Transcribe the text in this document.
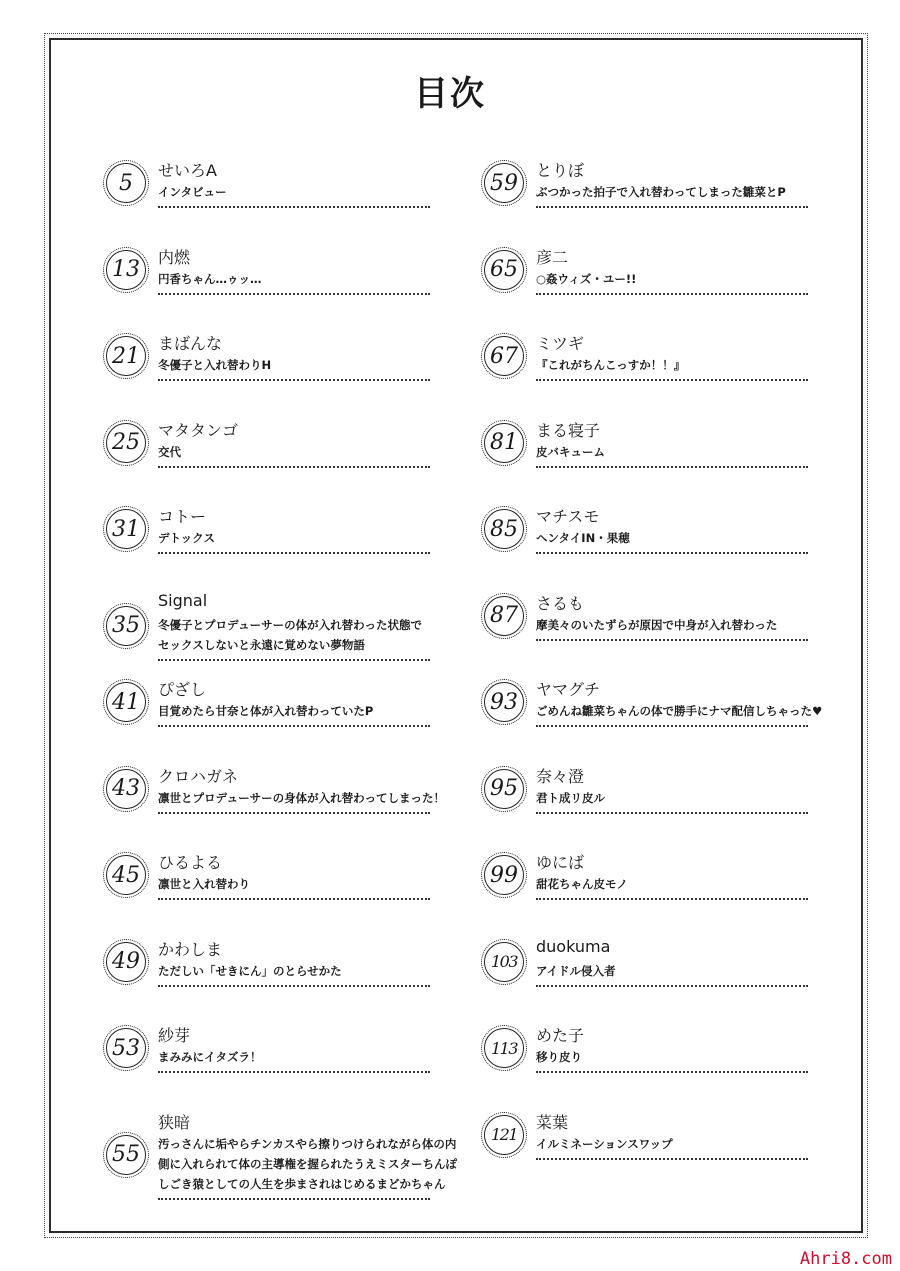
目次
5	せいろA
インタビュー
13	内燃
円香ちゃん…ゥッ…
21	まばんな
冬優子と入れ替わりH
25	マタタンゴ
交代
31	コトー
デトックス
35
Signal
冬優子とプロデューサーの体が入れ替わった状態で
セックスしないと永遠に覚めない夢物語
41	ぴざし
目覚めたら甘奈と体が入れ替わっていたP
43	クロハガネ
凛世とプロデューサーの身体が入れ替わってしまった！
45	ひるよる
凛世と入れ替わり
49	かわしま
ただしい「せきにん」のとらせかた
53	紗芽
まみみにイタズラ！
55
狭暗
汚っさんに垢やらチンカスやら擦りつけられながら体の内
側に入れられて体の主導権を握られたうえミスターちんぽ
しごき猿としての人生を歩まされはじめるまどかちゃん
59	とりぼ
ぶつかった拍子で入れ替わってしまった雛菜とP
65	彦二
○姦ウィズ・ユー!!
67	ミツギ
『これがちんこっすか！！』
81	まる寝子
皮バキューム
85	マチスモ
ヘンタイIN・果穂
87	さるも
摩美々のいたずらが原因で中身が入れ替わった
93	ヤマグチ
ごめんね雛菜ちゃんの体で勝手にナマ配信しちゃった♥
95	奈々澄
君ト成リ皮ル
99	ゆにば
甜花ちゃん皮モノ
103
duokuma
アイドル侵入者
113
めた子
移り皮り
121
菜葉
イルミネーションスワップ
Ahri8.com
